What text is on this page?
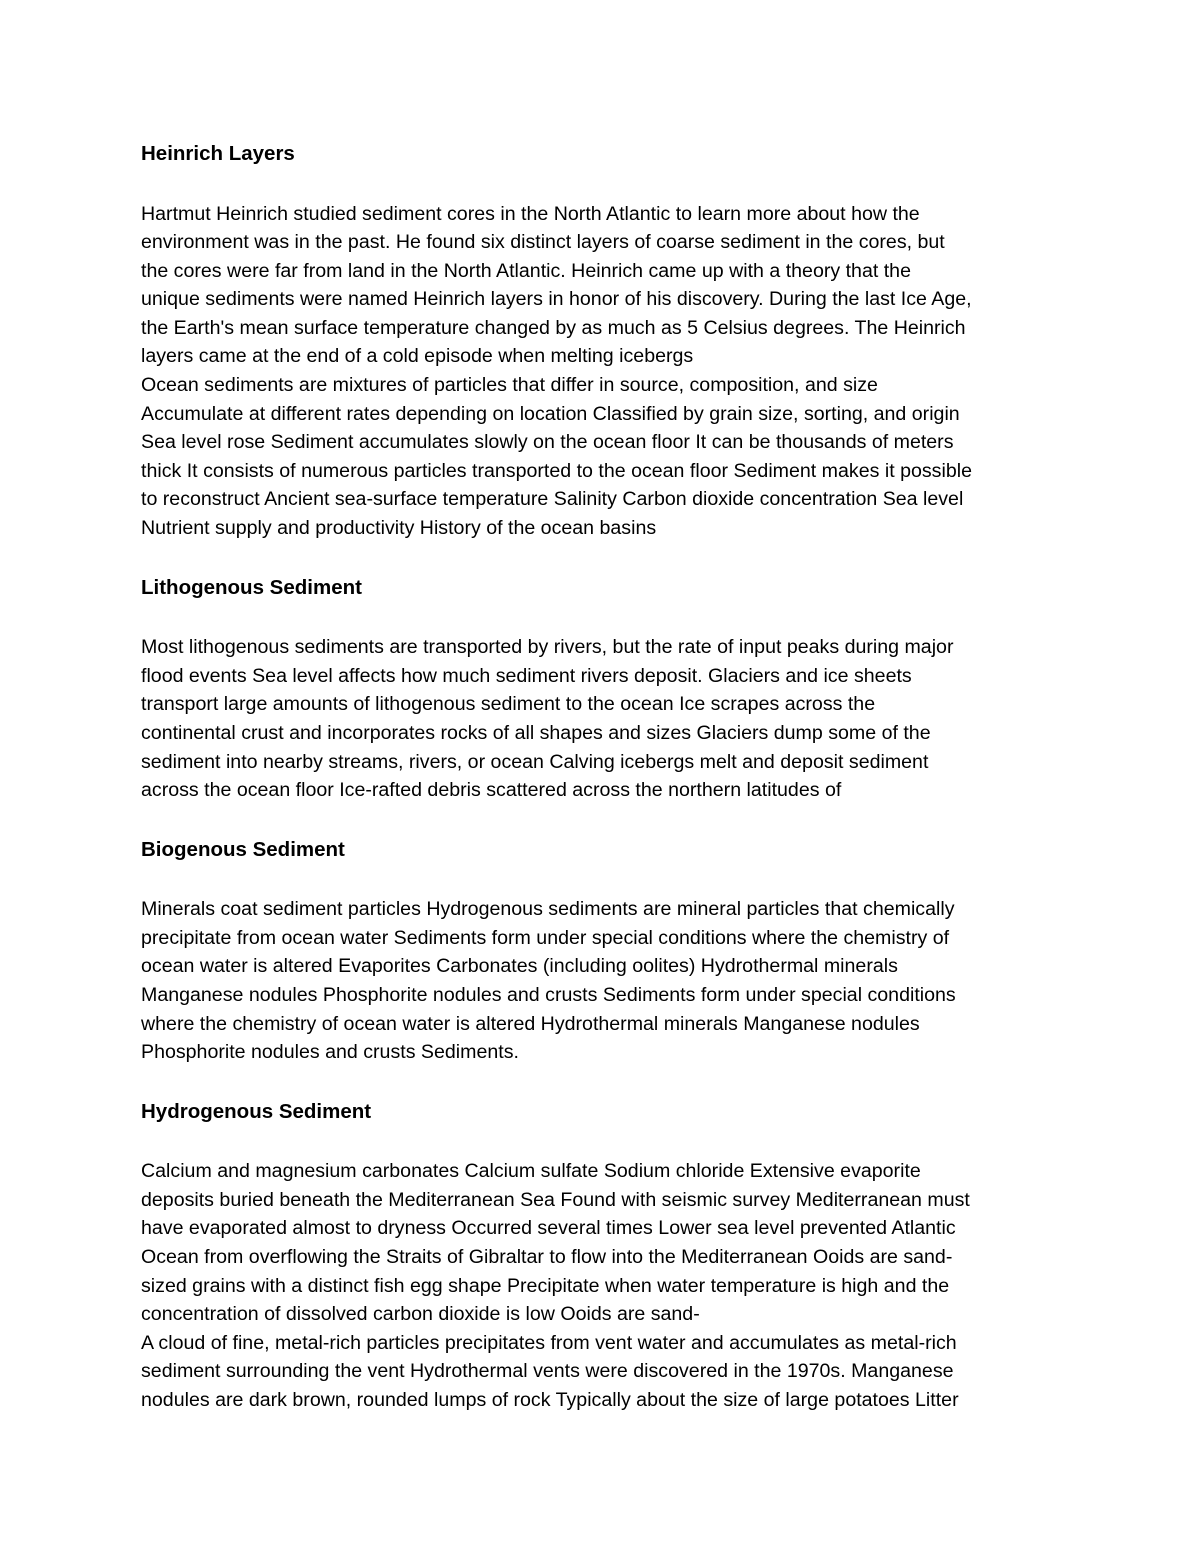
Heinrich Layers
Hartmut Heinrich studied sediment cores in the North Atlantic to learn more about how the
environment was in the past. He found six distinct layers of coarse sediment in the cores, but
the cores were far from land in the North Atlantic. Heinrich came up with a theory that the
unique sediments were named Heinrich layers in honor of his discovery. During the last Ice Age,
the Earth's mean surface temperature changed by as much as 5 Celsius degrees. The Heinrich
layers came at the end of a cold episode when melting icebergs
Ocean sediments are mixtures of particles that differ in source, composition, and size
Accumulate at different rates depending on location Classified by grain size, sorting, and origin
Sea level rose Sediment accumulates slowly on the ocean floor It can be thousands of meters
thick It consists of numerous particles transported to the ocean floor Sediment makes it possible
to reconstruct Ancient sea-surface temperature Salinity Carbon dioxide concentration Sea level
Nutrient supply and productivity History of the ocean basins
Lithogenous Sediment
Most lithogenous sediments are transported by rivers, but the rate of input peaks during major
flood events Sea level affects how much sediment rivers deposit. Glaciers and ice sheets
transport large amounts of lithogenous sediment to the ocean Ice scrapes across the
continental crust and incorporates rocks of all shapes and sizes Glaciers dump some of the
sediment into nearby streams, rivers, or ocean Calving icebergs melt and deposit sediment
across the ocean floor Ice-rafted debris scattered across the northern latitudes of
Biogenous Sediment
Minerals coat sediment particles Hydrogenous sediments are mineral particles that chemically
precipitate from ocean water Sediments form under special conditions where the chemistry of
ocean water is altered Evaporites Carbonates (including oolites) Hydrothermal minerals
Manganese nodules Phosphorite nodules and crusts Sediments form under special conditions
where the chemistry of ocean water is altered Hydrothermal minerals Manganese nodules
Phosphorite nodules and crusts Sediments.
Hydrogenous Sediment
Calcium and magnesium carbonates Calcium sulfate Sodium chloride Extensive evaporite
deposits buried beneath the Mediterranean Sea Found with seismic survey Mediterranean must
have evaporated almost to dryness Occurred several times Lower sea level prevented Atlantic
Ocean from overflowing the Straits of Gibraltar to flow into the Mediterranean Ooids are sand-
sized grains with a distinct fish egg shape Precipitate when water temperature is high and the
concentration of dissolved carbon dioxide is low Ooids are sand-
A cloud of fine, metal-rich particles precipitates from vent water and accumulates as metal-rich
sediment surrounding the vent Hydrothermal vents were discovered in the 1970s. Manganese
nodules are dark brown, rounded lumps of rock Typically about the size of large potatoes Litter
